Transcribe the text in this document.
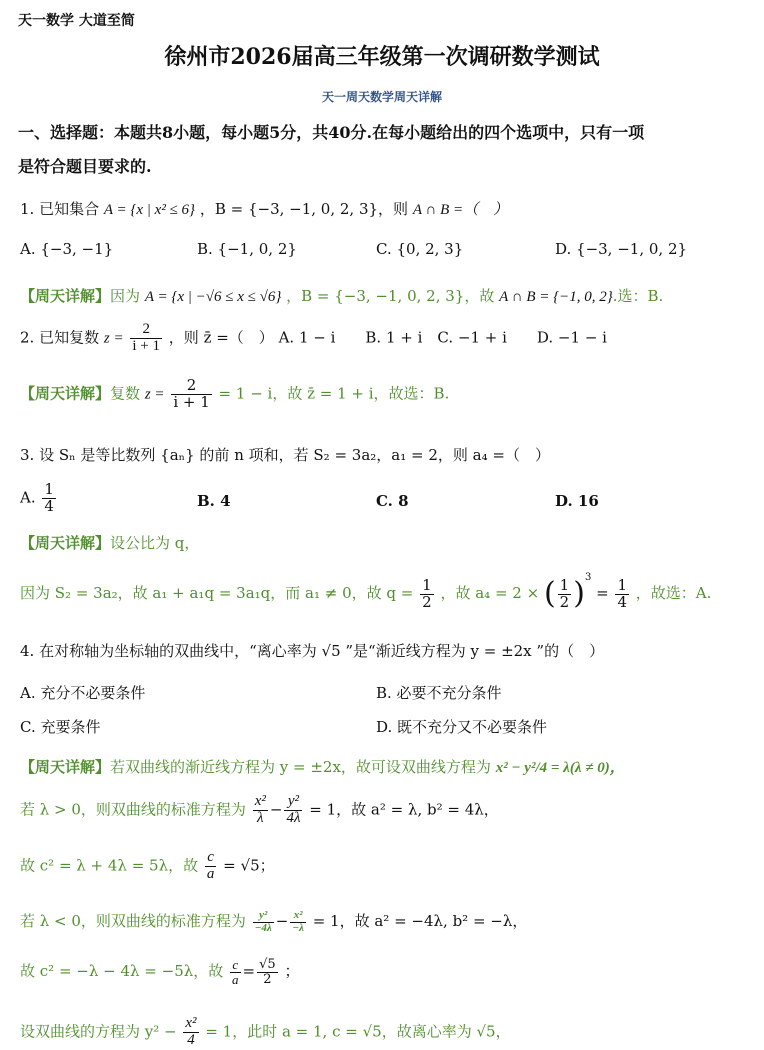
天一数学 大道至简
徐州市2026届高三年级第一次调研数学测试
天一周天数学周天详解
一、选择题：本题共8小题，每小题5分，共40分.在每小题给出的四个选项中，只有一项
是符合题目要求的.
1. 已知集合 A = {x | x² ≤ 6} ，B = {−3, −1, 0, 2, 3}，则 A ∩ B =（　）
A. {−3, −1}	B. {−1, 0, 2}	C. {0, 2, 3}	D. {−3, −1, 0, 2}
【周天详解】因为 A = {x | −√6 ≤ x ≤ √6} ，B = {−3, −1, 0, 2, 3}，故 A ∩ B = {−1, 0, 2}.选：B.
2. 已知复数 $z = \frac{2}{i + 1}$ ，则 z̄ =（　） A. 1 − i　　B. 1 + i　C. −1 + i　　D. −1 − i
【周天详解】复数 $z = \frac{2}{i + 1} = 1 - i$，故 z̄ = 1 + i，故选：B.
3. 设 Sₙ 是等比数列 {aₙ} 的前 n 项和，若 S₂ = 3a₂，a₁ = 2，则 a₄ =（　）
A. $\frac{1}{4}$	B. 4	C. 8	D. 16
【周天详解】设公比为 q，
因为 S₂ = 3a₂，故 a₁ + a₁q = 3a₁q，而 a₁ ≠ 0，故 $q = \frac{1}{2}$ ，故 a₄ = 2 × ( $\frac{1}{2} )^3 = \frac{1}{4}$ ，故选：A.
4. 在对称轴为坐标轴的双曲线中，“离心率为 √5 ”是“渐近线方程为 y = ±2x ”的（　）
A. 充分不必要条件	B. 必要不充分条件
C. 充要条件	D. 既不充分又不必要条件
【周天详解】若双曲线的渐近线方程为 y = ±2x，故可设双曲线方程为 x² − y²/4 = λ(λ ≠ 0)，
若 λ > 0，则双曲线的标准方程为 $\frac{\text{x²}}{\lambda} - \frac{\text{y²}}{4\lambda} = 1$，故 a² = λ, b² = 4λ，
故 c² = λ + 4λ = 5λ，故 $\frac{c}{a} = √5$；
若 λ < 0，则双曲线的标准方程为 $\frac{\text{y²}}{-4\lambda} - \frac{\text{x²}}{-\lambda} = 1$，故 a² = −4λ, b² = −λ，
故 c² = −λ − 4λ = −5λ，故 $\frac{c}{a} = \frac{√5}{2}$ ；
设双曲线的方程为 $y^2 - \frac{\text{x²}}{4} = 1$，此时 a = 1, c = √5，故离心率为 √5，
